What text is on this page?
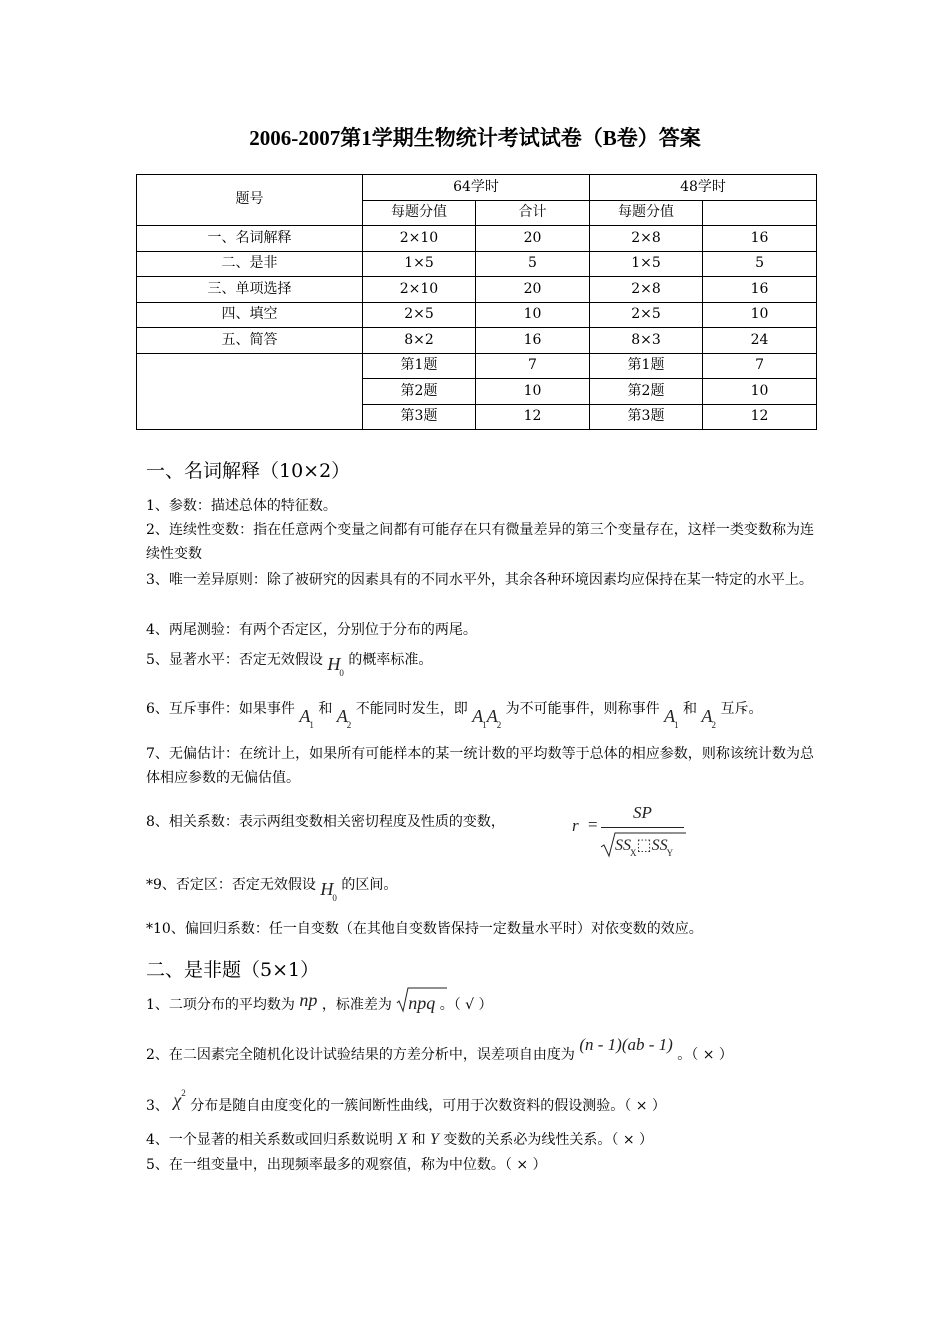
2006-2007第1学期生物统计考试试卷（B卷）答案
题号	64学时		48学时	
	每题分值	合计	每题分值	
一、名词解释	2×10	20	2×8	16
二、是非	1×5	5	1×5	5
三、单项选择	2×10	20	2×8	16
四、填空	2×5	10	2×5	10
五、简答	8×2	16	8×3	24
	第1题	7	第1题	7
	第2题	10	第2题	10
	第3题	12	第3题	12
一、名词解释（10×2）
1、参数：描述总体的特征数。
2、连续性变数：指在任意两个变量之间都有可能存在只有微量差异的第三个变量存在，这样一类变数称为连续性变数
3、唯一差异原则：除了被研究的因素具有的不同水平外，其余各种环境因素均应保持在某一特定的水平上。
4、两尾测验：有两个否定区，分别位于分布的两尾。
5、显著水平：否定无效假设 $H_0$ 的概率标准。
6、互斥事件：如果事件 $A_1$ 和 $A_2$ 不能同时发生，即 $A_1A_2$ 为不可能事件，则称事件 $A_1$ 和 $A_2$ 互斥。
7、无偏估计：在统计上，如果所有可能样本的某一统计数的平均数等于总体的相应参数，则称该统计数为总体相应参数的无偏估值。
8、相关系数：表示两组变数相关密切程度及性质的变数，	r =
SP
$SS_X⬚SS_Y$
*9、否定区：否定无效假设 $H_0$ 的区间。
*10、偏回归系数：任一自变数（在其他自变数皆保持一定数量水平时）对依变数的效应。
二、是非题（5×1）
1、二项分布的平均数为 np ，标准差为 npq 。（ √ ）
2、在二因素完全随机化设计试验结果的方差分析中，误差项自由度为 (n - 1)(ab - 1) 。（ × ）
3、 $\chi^2$ 分布是随自由度变化的一簇间断性曲线，可用于次数资料的假设测验。（ × ）
4、一个显著的相关系数或回归系数说明 X 和 Y 变数的关系必为线性关系。（ × ）
5、在一组变量中，出现频率最多的观察值，称为中位数。（ × ）
